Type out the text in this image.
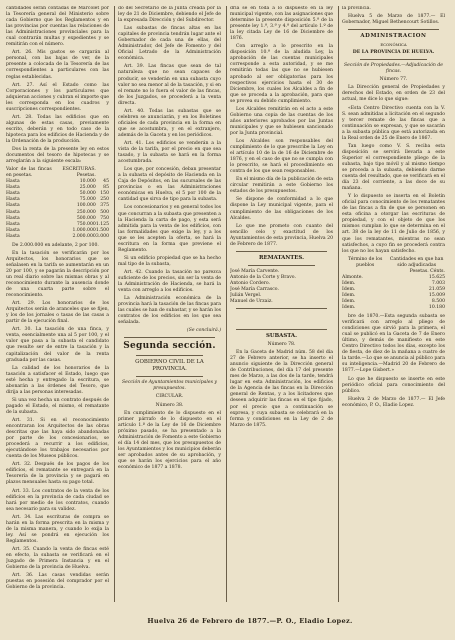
cantidades serán contadas de Marcolet por la Tesorería general del Ministerio sobre cada Gobierno que los Reglamentos y en las provincias por cuentas las relaciones de las Administraciones provinciales para la cual contrarán multas y expedientes y se remitirán con el número.

Art. 26. Mis gastos se cargarán al personal, con las bajas de ver, de la presente a colocada de la Tesorería de las correspondientes a particulares con las reglas establecidas.

Art. 27. Así el Estado como las Corporaciones y los particulares que adquieran acciones y cubran el importe que les corresponda en los cuadros y suscripciones correspondientes.

Art. 28. Todas las edificios que en algunas de estas casas, previamente escrito, deberán y en todo caso de la hipoteca para los edificios de Hacienda y de la Ordenación de la producción.

Dos la renta de la presente ley en estos documentos del tesoro de hipotecas y se arreglarán a la siguiente escala:

Valor de las fincas en pesetas.	ESCRITURAS. Pesetas.	
Hasta	10.000	45
Hasta	25.000	85
Hasta	50.000	150
Hasta	75.000	250
Hasta	100.000	375
Hasta	250.000	500
Hasta	500.000	750
Hasta	750.000	1.125
Hasta	1.000.000	1.500
Hasta	2.000.000	3.000

De 2.000.000 en adelante, 2 por 100.

En la tasación se verificarán por los Arquitectos, los honorarios que se señalasen en la tarifa se aumentarán en un 20 por 100, y se pagarán la descripción por un real diario sobre las mismas obras y al reconocimiento durante la ausencia donde de una cuarta parte sobre el reconocimiento.

Art. 29. Los honorarios de los Arquitectos serán de aranceles que se fijen, y los de los jornales o tasas de las casas a partir de la ejecución final.

Art. 30. La tasación de una finca, y venta, esencialmente una al 5 por 100, y el valor que pasa a la subasta el candidato que resulte ser de entre la tasación y la capitalización del valor de la renta graduada por las casas.

La calidad de los honorarios de la tasación a satisfacer el Estado, luego que esté hecha y entregado la escritura, se abonarán a las órdenes del Tesoro, que dirija a las personas interesadas.

Si una vez hecha un contrato después de pagado el Estado, el mismo, el rematante de la subasta.

Art. 31. Si en el reconocimiento encontraran los Arquitectos de las obras descritas que las haya sido abandonadas por parte de los concesionarios, se procederá a recurrir a los edificios, ejecutándose los trabajos necesarios por cuenta de los Museos públicos.

Art. 32. Después de los pagos de los edificios, el rematante se entregará en la Tesorería de la provincia y se pagará en plazos mensuales hasta su pago total.

Art. 33. Los contratos de la venta de los edificios en la provincia de cada ciudad se hará por medio de los contratos, cuando sea necesario para su validez.

Art. 34. Las escrituras de compra se harán en la forma prescrita en la misma y de la misma manera, y cuando lo exija la ley. Así se pondrá en ejecución los Reglamentos.

Art. 35. Cuando la venta de fincas esté en efecto, la subasta se verificará en el Juzgado de Primera Instancia y en el Gobierno de la provincia de Huelva.

Art. 36. Las casas vendidas serán puestas en posesión del comprador por el Gobierno de la provincia.

do del Secretario de la Junta creada por la ley de 21 de Diciembre, debiendo el Jefe de la expresada Dirección y del Subdirector.

Las subastas de fincas altas en las capitales de provincia tendrán lugar ante el Gobernador de cada una de ellas, del Administrador, del Jefe de Fomento y del Oficial Letrado de la Administración económica.

Art. 39. Las fincas que sean de tal naturaleza que no sean capaces de producir, se venderán en una subasta cuyo valor no sea menor al de la tasación, y si en el remate no lo fuera el valor de las fincas, de los Juzgados, se procederá a la venta directa.

Art. 40. Todas las subastas que se celebren se anunciarán, y en los Boletines oficiales de cada provincia en la forma en que se acostumbra, y en el extranjero, además de la Gaceta y en los periódicos.

Art. 41. Los edificios se venderán a la vista de la tarifa, por el precio en que sea tasado, y la subasta se hará en la forma acostumbrada.

Los que, por concesión, deban presentar a la subasta el depósito de Hacienda en la Caja de Depósitos, en las sucursales de las provincias o en las Administraciones económicas en Huelva, el 5 por 100 de la cantidad que sirva de tipo para la subasta.

Los concesionarios y en general todos los que concurran a la subasta que presenten a la Hacienda la carta de pago, y esta será admitida para la venta de los edificios, con las formalidades que exige la ley, y a los que se les acepten la oferta, se hará la escritura en la forma que previene el Reglamento.

Si un edificio propiedad que se ha hecho mal tipo de la subasta,

Art. 42. Cuando la tasación no parezca suficiente de los precios, sin ser la venta de la Administración de Hacienda, se hará la venta con arreglo a los edificios.

La Administración económica de la provincia hará la tasación de las fincas para las cuales se han de subastar, y se harán los contratos de los edificios en los que sea señalada.

(Se concluirá.)

Segunda sección.

GOBIERNO CIVIL DE LA PROVINCIA.

Sección de Ayuntamientos municipales y presupuestos.

CIRCULAR.

Número 38.

En cumplimiento de lo dispuesto en el primer párrafo de lo dispuesto en el artículo 1.º de la Ley de 16 de Diciembre próximo pasado, se ha presentado a la Administración de Fomento a este Gobierno el día 14 del mes, que los presupuestos de los Ayuntamientos y los municipios deberán ser aprobados antes de su aprobación, y que se harán los ejercicios para el año económico de 1877 a 1878.

dría se en toda a lo dispuesto en la ley municipal vigente, con las asignaciones que determine la presente disposición 5.ª de la presente ley 1.ª, 3.ª y 4.ª del artículo 1.º de la ley citada Ley de 16 de Diciembre de 1876.

Con arreglo a lo prescrito en la disposición 10.ª de la aludida Ley, la aprobación de las cuentas municipales corresponde a esta autoridad, y se me remitirán todas las que no se hubiesen aprobado al ser obligatorias para los respectivos ejercicios hasta el 30 de Diciembre, los cuales los Alcaldes a fin de que se proceda a la aprobación, para que se provea su debido cumplimiento.

Los Alcaldes remitirán en el acto a este Gobierno una copia de las cuentas de los años anteriores aprobados por las Juntas municipales y que se hubiesen sancionado por la Junta provincial.

Los Alcaldes son responsables del cumplimiento de lo que prescribe la Ley en el artículo 10 de la de 16 de Diciembre de 1876, y en el caso de que no se cumpla con lo prescrito, se hará el procedimiento en contra de los que sean responsables.

En el mismo día de la publicación de esta circular remitirán a este Gobierno los estados de los presupuestos.

Se dispone de conformidad a lo que dispone la Ley municipal vigente, para el cumplimiento de las obligaciones de los Alcaldes.

Lo que me prometo con cuanto del sencillo celo y exactitud de los Ayuntamientos de esta provincia, Huelva 20 de Febrero de 1877.

REMATANTES.

José María Carvente.

Antonio de la Corte y Bravo.

Antonio Cordero.

José María Carrasco.

Julián Vergel.

Manuel de Urzaiz.

SUBASTA.

Número 78.

En la Gaceta de Madrid núm. 58 del día 27 de Febrero anterior, se ha inserto el anuncio siguiente de la Dirección general de Contribuciones, del día 17 del presente mes de Marzo, a las dos de la tarde, tendrá lugar en esta Administración, los edificios de la Agencia de las fincas en la Dirección general de Rentas, y a los licitadores que deseen adquirir las fincas en el tipo fijado, por el precio que a continuación se expresa, y cuya subasta se celebrará en la forma y condiciones en la Ley de 2 de Marzo de 1875.

la provincia.

Huelva 5 de Marzo de 1877.— El Gobernador, Miguel Bethencourt Sotillos.

ADMINISTRACION

ECONÓMICA

DE LA PROVINCIA DE HUELVA.

Sección de Propiedades.—Adjudicación de fincas.

Número 77.

La Dirección general de Propiedades y derechos del Estado, en orden de 23 del actual, me dice lo que sigue:

«Esta Centro Directivo cuenta con la V. S. sean admitidas a licitación en el segundo y tercer remate de las fincas que a continuación se expresan, y que se sacarán a la subasta pública que está autorizada en la Real orden de 25 de Enero de 1867.

Tan luego como V. S. reciba esta disposición se servirá llevarla a este Superior el correspondiente pliego de la subasta, bajo tipo móvil y al mismo tiempo se proceda a la subasta, debiendo darme cuenta del resultado, que se verificará en el día 23 del corriente, a las doce de su mañana.

Y lo dispuesto se inserta en el Boletín oficial para conocimiento de los rematantes de las fincas a fin de que se personen en esta oficina a otorgar las escrituras de propiedad, y con el objeto de que los mismos cumplan lo que se determina en el art. 38 de la ley de 11 de Julio de 1856, y que los rematantes, mientras no sean satisfechos, a cuyo fin se procederá contra los que no los hayan satisfecho.

Término de los pueblos	Cantidades en que han sido adjudicadas
	Pesetas. Cénts.
Almonte.	15.625
Idem.	7.003
Idem.	21.059
Idem.	15.009
Idem.	8.500
Idem.	10.180

bre de 1870.—Esta segunda subasta se verificará con arreglo al pliego de condiciones que sirvió para la primera, el cual se publicó en la Gaceta de 7 de Enero último, y demás de manifiesto en este Centro Directivo todos los días, excepto los de fiesta, de diez de la mañana a cuatro de la tarde.—Lo que se anuncia al público para su inteligencia.—Madrid 20 de Febrero de 1877.—Lope Gisbert.»

Lo que he dispuesto se inserte en este periódico oficial para conocimiento del público.

Huelva 2 de Marzo de 1877.— El Jefe económico, P. O., Eladio Lopez.

Huelva 26 de Febrero de 1877.—P. O., Eladio Lopez.
